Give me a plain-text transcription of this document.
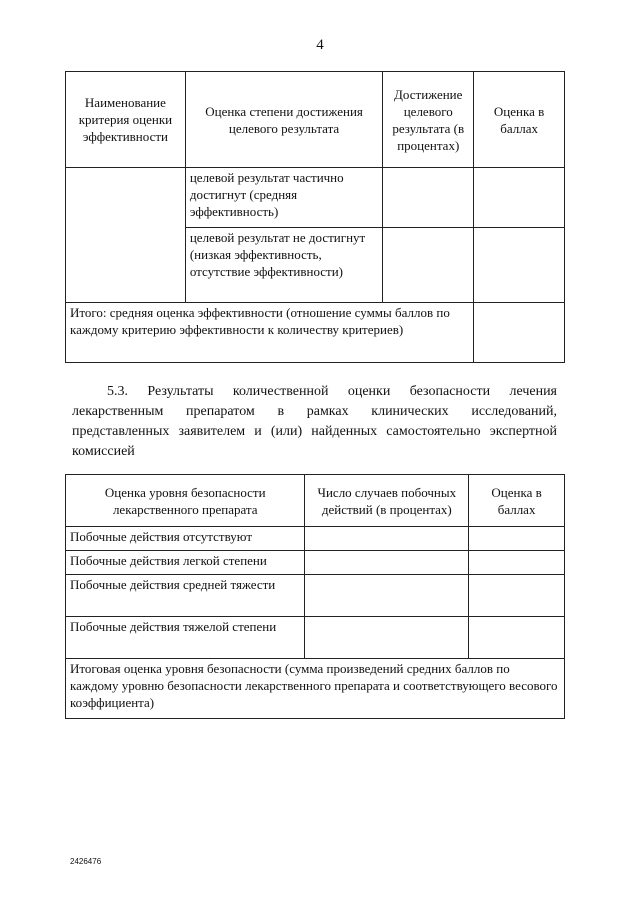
4
Наименование критерия оценки эффективности	Оценка степени достижения целевого результата	Достижение целевого результата (в процентах)	Оценка в баллах
	целевой результат частично достигнут (средняя эффективность)		
	целевой результат не достигнут (низкая эффективность, отсутствие эффективности)		
Итого: средняя оценка эффективности (отношение суммы баллов по каждому критерию эффективности к количеству критериев)			
5.3. Результаты количественной оценки безопасности лечения лекарственным препаратом в рамках клинических исследований, представленных заявителем и (или) найденных самостоятельно экспертной комиссией
Оценка уровня безопасности лекарственного препарата	Число случаев побочных действий (в процентах)	Оценка в баллах
Побочные действия отсутствуют		
Побочные действия легкой степени		
Побочные действия средней тяжести		
Побочные действия тяжелой степени		
Итоговая оценка уровня безопасности (сумма произведений средних баллов по каждому уровню безопасности лекарственного препарата и соответствующего весового коэффициента)		
2426476
